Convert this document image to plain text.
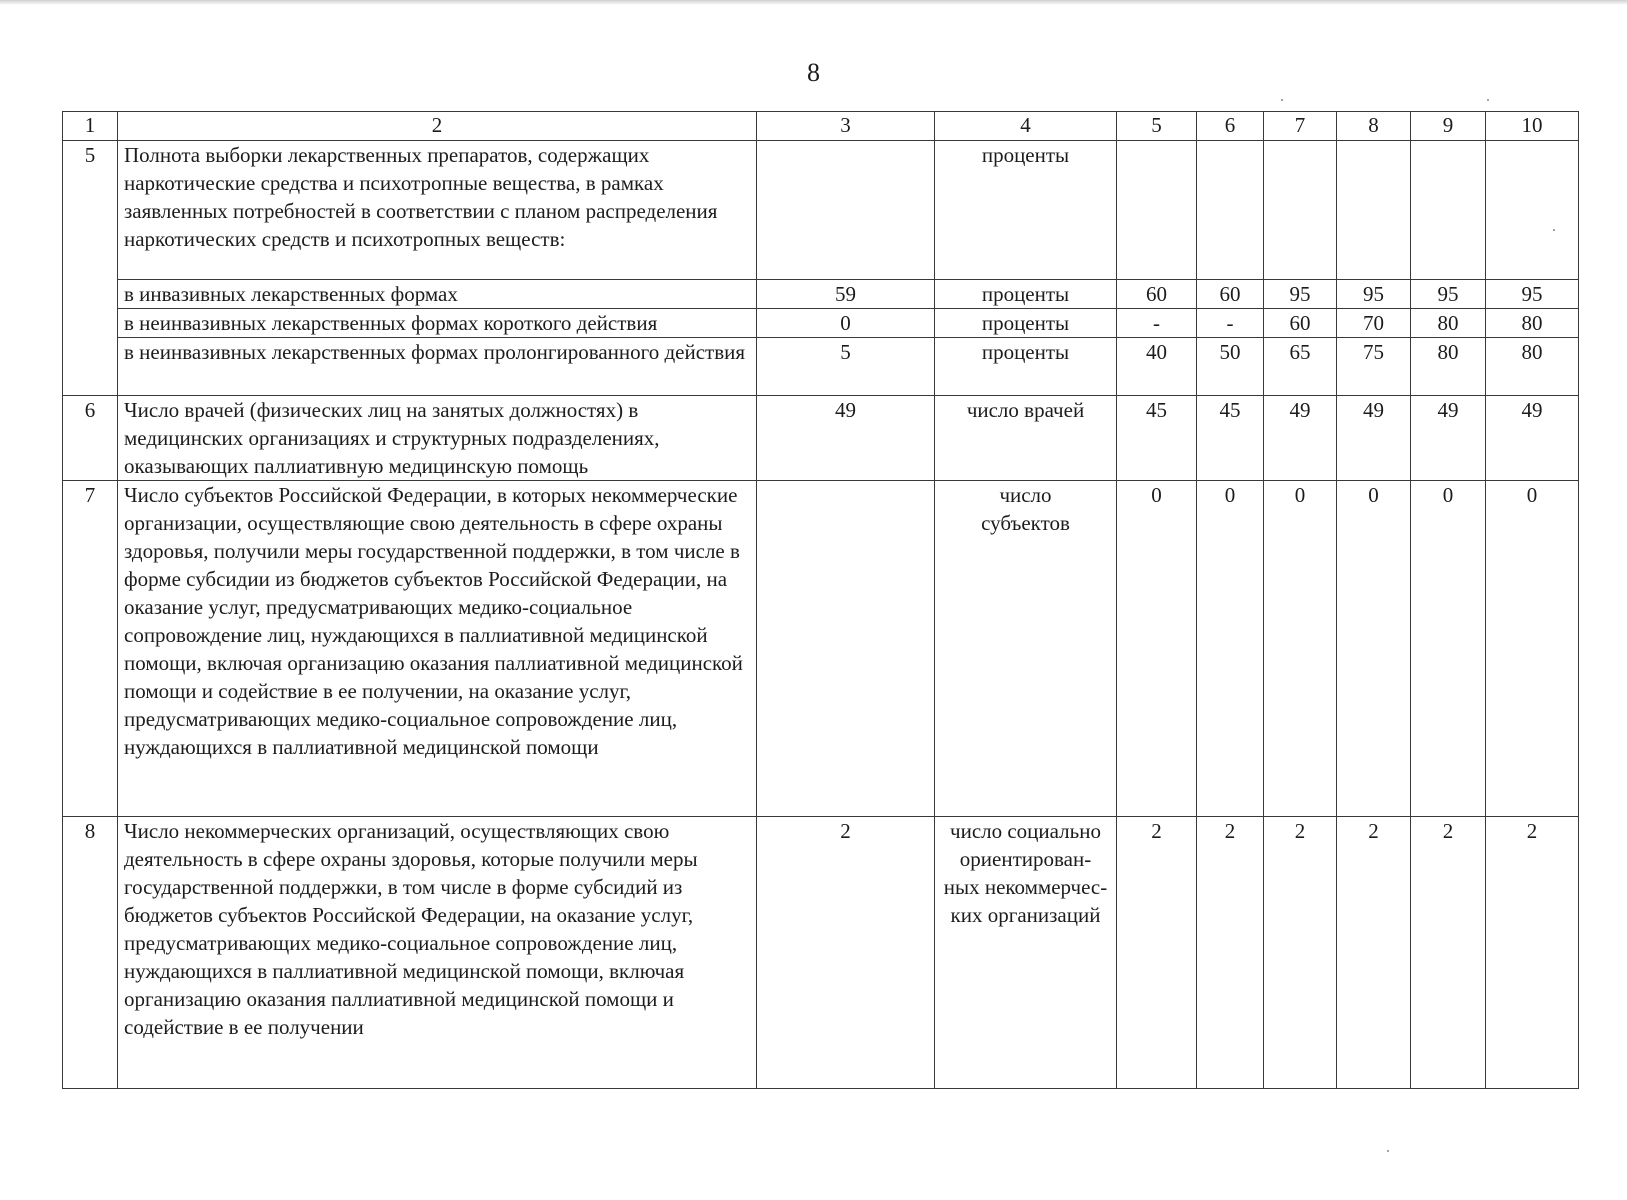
8
1	2	3	4	5	6	7	8	9	10
5	Полнота выборки лекарственных препаратов, содержащих наркотические средства и психотропные вещества, в рамках заявленных потребностей в соответствии с планом распределения наркотических средств и психотропных веществ:		проценты						
	в инвазивных лекарственных формах	59	проценты	60	60	95	95	95	95
	в неинвазивных лекарственных формах короткого действия	0	проценты	-	-	60	70	80	80
	в неинвазивных лекарственных формах пролонгированного действия	5	проценты	40	50	65	75	80	80
6	Число врачей (физических лиц на занятых должностях) в медицинских организациях и структурных подразделениях, оказывающих паллиативную медицинскую помощь	49	число врачей	45	45	49	49	49	49
7	Число субъектов Российской Федерации, в которых некоммерческие организации, осуществляющие свою деятельность в сфере охраны здоровья, получили меры государственной поддержки, в том числе в форме субсидии из бюджетов субъектов Российской Федерации, на оказание услуг, предусматривающих медико-социальное сопровождение лиц, нуждающихся в паллиативной медицинской помощи, включая организацию оказания паллиативной медицинской помощи и содействие в ее получении, на оказание услуг, предусматривающих медико-социальное сопровождение лиц, нуждающихся в паллиативной медицинской помощи		число субъектов	0	0	0	0	0	0
8	Число некоммерческих организаций, осуществляющих свою деятельность в сфере охраны здоровья, которые получили меры государственной поддержки, в том числе в форме субсидий из бюджетов субъектов Российской Федерации, на оказание услуг, предусматривающих медико-социальное сопровождение лиц, нуждающихся в паллиативной медицинской помощи, включая организацию оказания паллиативной медицинской помощи и содействие в ее получении	2	число социально ориентирован-ных некоммерчес-ких организаций	2	2	2	2	2	2
